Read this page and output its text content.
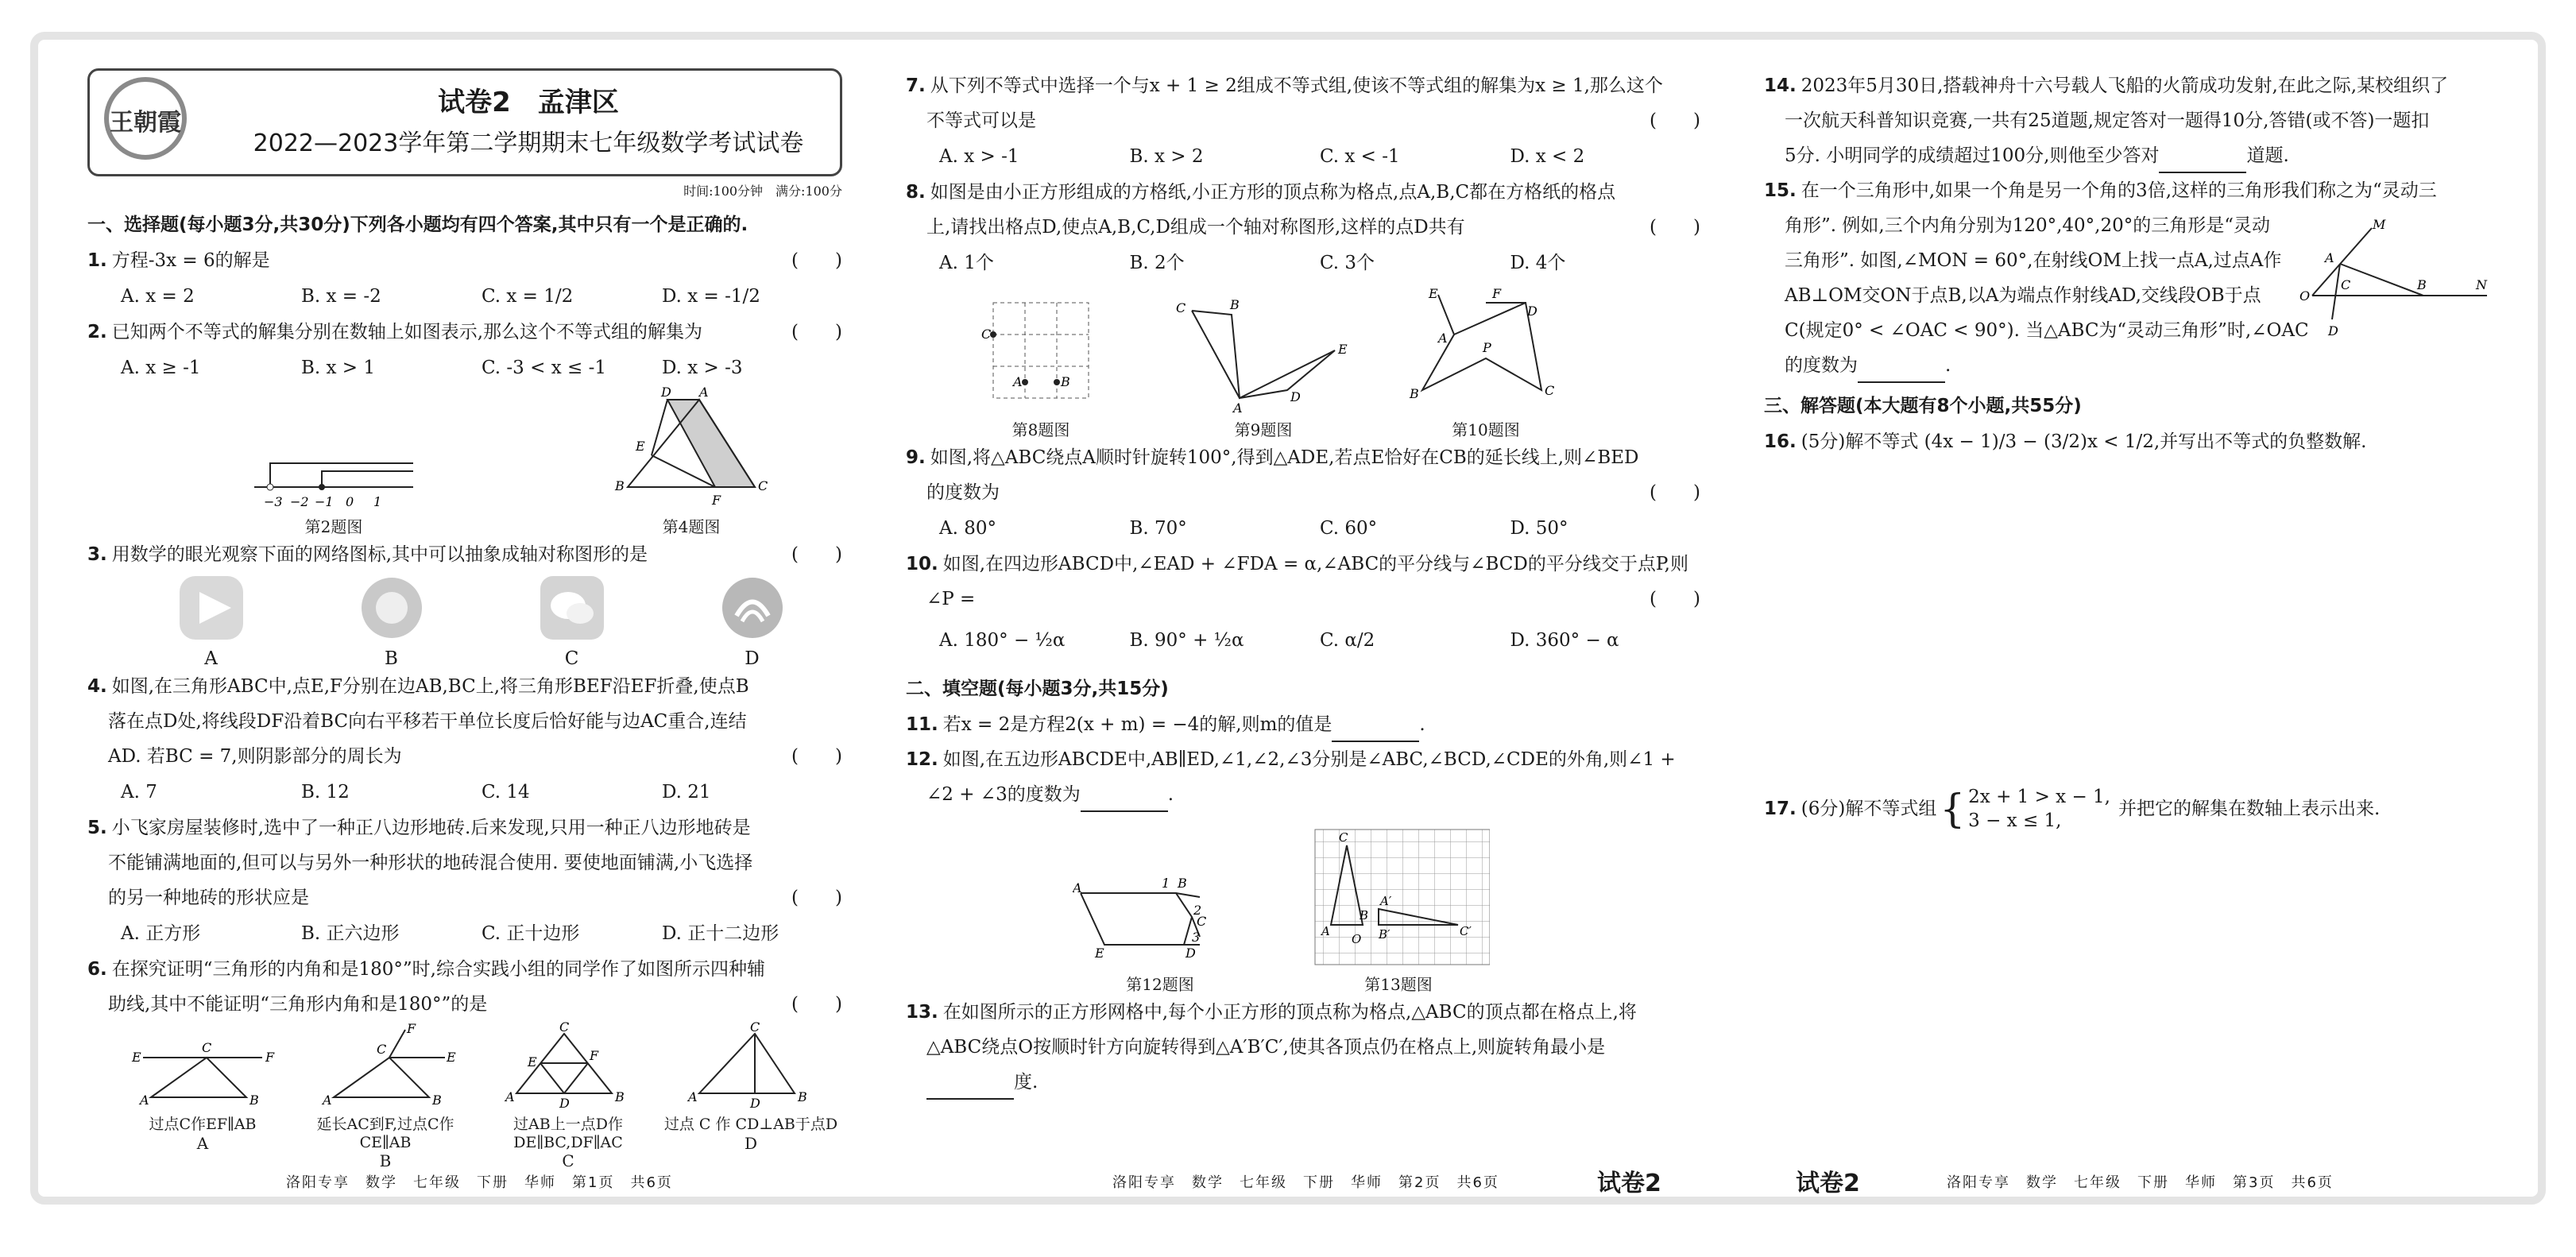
王朝霞
试卷2　孟津区
2022—2023学年第二学期期末七年级数学考试试卷
时间:100分钟　满分:100分

一、选择题(每小题3分,共30分)下列各小题均有四个答案,其中只有一个是正确的.

1. 方程-3x = 6的解是	(　　)

A. x = 2	B. x = -2	C. x = 1/2	D. x = -1/2

2. 已知两个不等式的解集分别在数轴上如图表示,那么这个不等式组的解集为	(　　)

A. x ≥ -1	B. x > 1	C. -3 < x ≤ -1	D. x > -3
−3 −2 −1 0 1
第2题图
D A
E
B	C
F
第4题图

3. 用数学的眼光观察下面的网络图标,其中可以抽象成轴对称图形的是	(　　)

A	B	C	D

4. 如图,在三角形ABC中,点E,F分别在边AB,BC上,将三角形BEF沿EF折叠,使点B

落在点D处,将线段DF沿着BC向右平移若干单位长度后恰好能与边AC重合,连结

AD. 若BC = 7,则阴影部分的周长为	(　　)

A. 7	B. 12	C. 14	D. 21

5. 小飞家房屋装修时,选中了一种正八边形地砖.后来发现,只用一种正八边形地砖是

不能铺满地面的,但可以与另外一种形状的地砖混合使用. 要使地面铺满,小飞选择

的另一种地砖的形状应是	(　　)

A. 正方形	B. 正六边形	C. 正十边形	D. 正十二边形

6. 在探究证明“三角形的内角和是180°”时,综合实践小组的同学作了如图所示四种辅

助线,其中不能证明“三角形内角和是180°”的是	(　　)

E
C
F
A	B
过点C作EF∥AB
A
F
C
E
A	B
延长AC到F,过点C作CE∥AB
B
C
E	F
A	D	B
过AB上一点D作DE∥BC,DF∥AC
C
C
A	D	B
过点 C 作 CD⊥AB于点D
D

7. 从下列不等式中选择一个与x + 1 ≥ 2组成不等式组,使该不等式组的解集为x ≥ 1,那么这个

不等式可以是	(　　)

A. x > -1	B. x > 2	C. x < -1	D. x < 2

8. 如图是由小正方形组成的方格纸,小正方形的顶点称为格点,点A,B,C都在方格纸的格点

上,请找出格点D,使点A,B,C,D组成一个轴对称图形,这样的点D共有	(　　)

A. 1个	B. 2个	C. 3个	D. 4个
C
A	B
第8题图
C	B
E
A
D
第9题图
E	F
A
D
P
B	C
第10题图

9. 如图,将△ABC绕点A顺时针旋转100°,得到△ADE,若点E恰好在CB的延长线上,则∠BED

的度数为	(　　)

A. 80°	B. 70°	C. 60°	D. 50°

10. 如图,在四边形ABCD中,∠EAD + ∠FDA = α,∠ABC的平分线与∠BCD的平分线交于点P,则

∠P =	(　　)

A. 180° − ½α	B. 90° + ½α	C. α/2	D. 360° − α

二、填空题(每小题3分,共15分)

11. 若x = 2是方程2(x + m) = −4的解,则m的值是	.

12. 如图,在五边形ABCDE中,AB∥ED,∠1,∠2,∠3分别是∠ABC,∠BCD,∠CDE的外角,则∠1 +

∠2 + ∠3的度数为	.

A	1 B
2
C
3
D
E
第12题图
A
C
B
A′
B′	C′
O
第13题图

13. 在如图所示的正方形网格中,每个小正方形的顶点称为格点,△ABC的顶点都在格点上,将

△ABC绕点O按顺时针方向旋转得到△A′B′C′,使其各顶点仍在格点上,则旋转角最小是

度.

14. 2023年5月30日,搭载神舟十六号载人飞船的火箭成功发射,在此之际,某校组织了

一次航天科普知识竞赛,一共有25道题,规定答对一题得10分,答错(或不答)一题扣

5分. 小明同学的成绩超过100分,则他至少答对	道题.

15. 在一个三角形中,如果一个角是另一个角的3倍,这样的三角形我们称之为“灵动三

O
M
A
C	B	N
D

角形”. 例如,三个内角分别为120°,40°,20°的三角形是“灵动

三角形”. 如图,∠MON = 60°,在射线OM上找一点A,过点A作

AB⊥OM交ON于点B,以A为端点作射线AD,交线段OB于点

C(规定0° < ∠OAC < 90°). 当△ABC为“灵动三角形”时,∠OAC

的度数为	.

三、解答题(本大题有8个小题,共55分)

16. (5分)解不等式 (4x − 1)/3 − (3/2)x < 1/2,并写出不等式的负整数解.

17. (6分)解不等式组 { 2x + 1 > x − 1,
3 − x ≤ 1,
并把它的解集在数轴上表示出来.
洛阳专享　数学　七年级　下册　华师　第1页　共6页	洛阳专享　数学　七年级　下册　华师　第2页　共6页	试卷2	试卷2	洛阳专享　数学　七年级　下册　华师　第3页　共6页
